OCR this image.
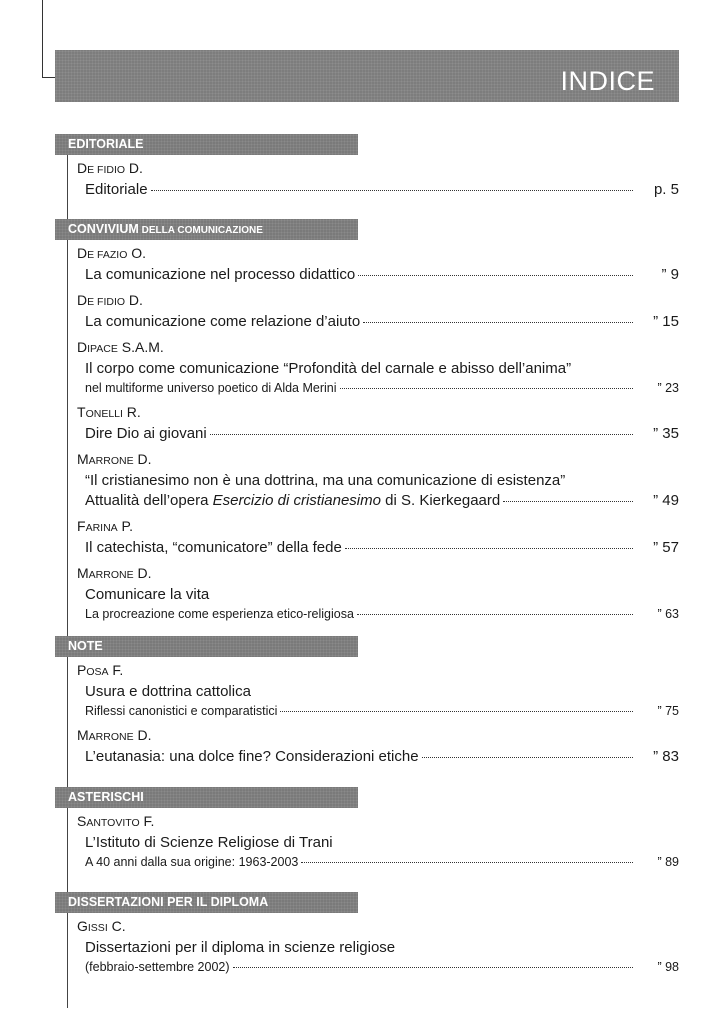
INDICE
EDITORIALE
DE FIDIO D.
Editoriale	p. 5
CONVIVIUM DELLA COMUNICAZIONE
DE FAZIO O.
La comunicazione nel processo didattico	” 9
DE FIDIO D.
La comunicazione come relazione d’aiuto	” 15
DIPACE S.A.M.
Il corpo come comunicazione “Profondità del carnale e abisso dell’anima”
nel multiforme universo poetico di Alda Merini	” 23
TONELLI R.
Dire Dio ai giovani	” 35
MARRONE D.
“Il cristianesimo non è una dottrina, ma una comunicazione di esistenza”
Attualità dell’opera Esercizio di cristianesimo di S. Kierkegaard	” 49
FARINA P.
Il catechista, “comunicatore” della fede	” 57
MARRONE D.
Comunicare la vita
La procreazione come esperienza etico-religiosa	” 63
NOTE
POSA F.
Usura e dottrina cattolica
Riflessi canonistici e comparatistici	” 75
MARRONE D.
L’eutanasia: una dolce fine? Considerazioni etiche	” 83
ASTERISCHI
SANTOVITO F.
L’Istituto di Scienze Religiose di Trani
A 40 anni dalla sua origine: 1963-2003	” 89
DISSERTAZIONI PER IL DIPLOMA
GISSI C.
Dissertazioni per il diploma in scienze religiose
(febbraio-settembre 2002)	” 98
